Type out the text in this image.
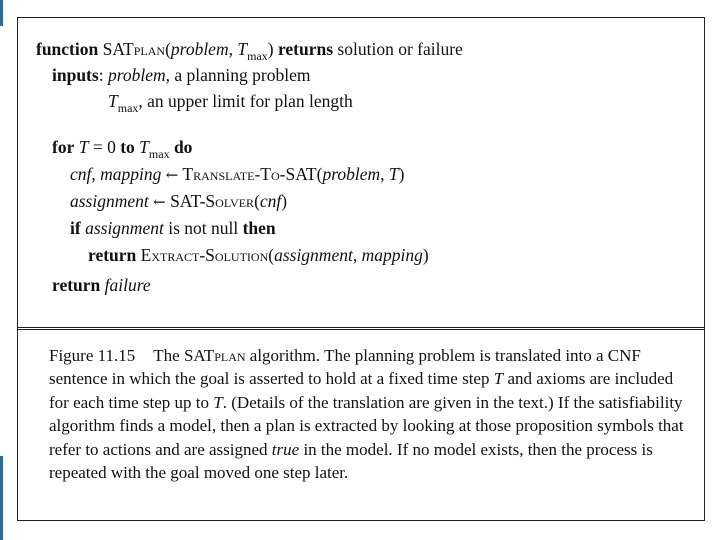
function SATplan(problem, $T_{max}$) returns solution or failure
inputs: problem, a planning problem
$T_{max}$, an upper limit for plan length
for T = 0 to $T_{max}$ do
cnf, mapping ← Translate-To-SAT(problem, T)
assignment ← SAT-Solver(cnf)
if assignment is not null then
return Extract-Solution(assignment, mapping)
return failure
Figure 11.15 The SATplan algorithm. The planning problem is translated into a CNF
sentence in which the goal is asserted to hold at a fixed time step T and axioms are included
for each time step up to T. (Details of the translation are given in the text.) If the satisfiability
algorithm finds a model, then a plan is extracted by looking at those proposition symbols that
refer to actions and are assigned true in the model. If no model exists, then the process is
repeated with the goal moved one step later.
